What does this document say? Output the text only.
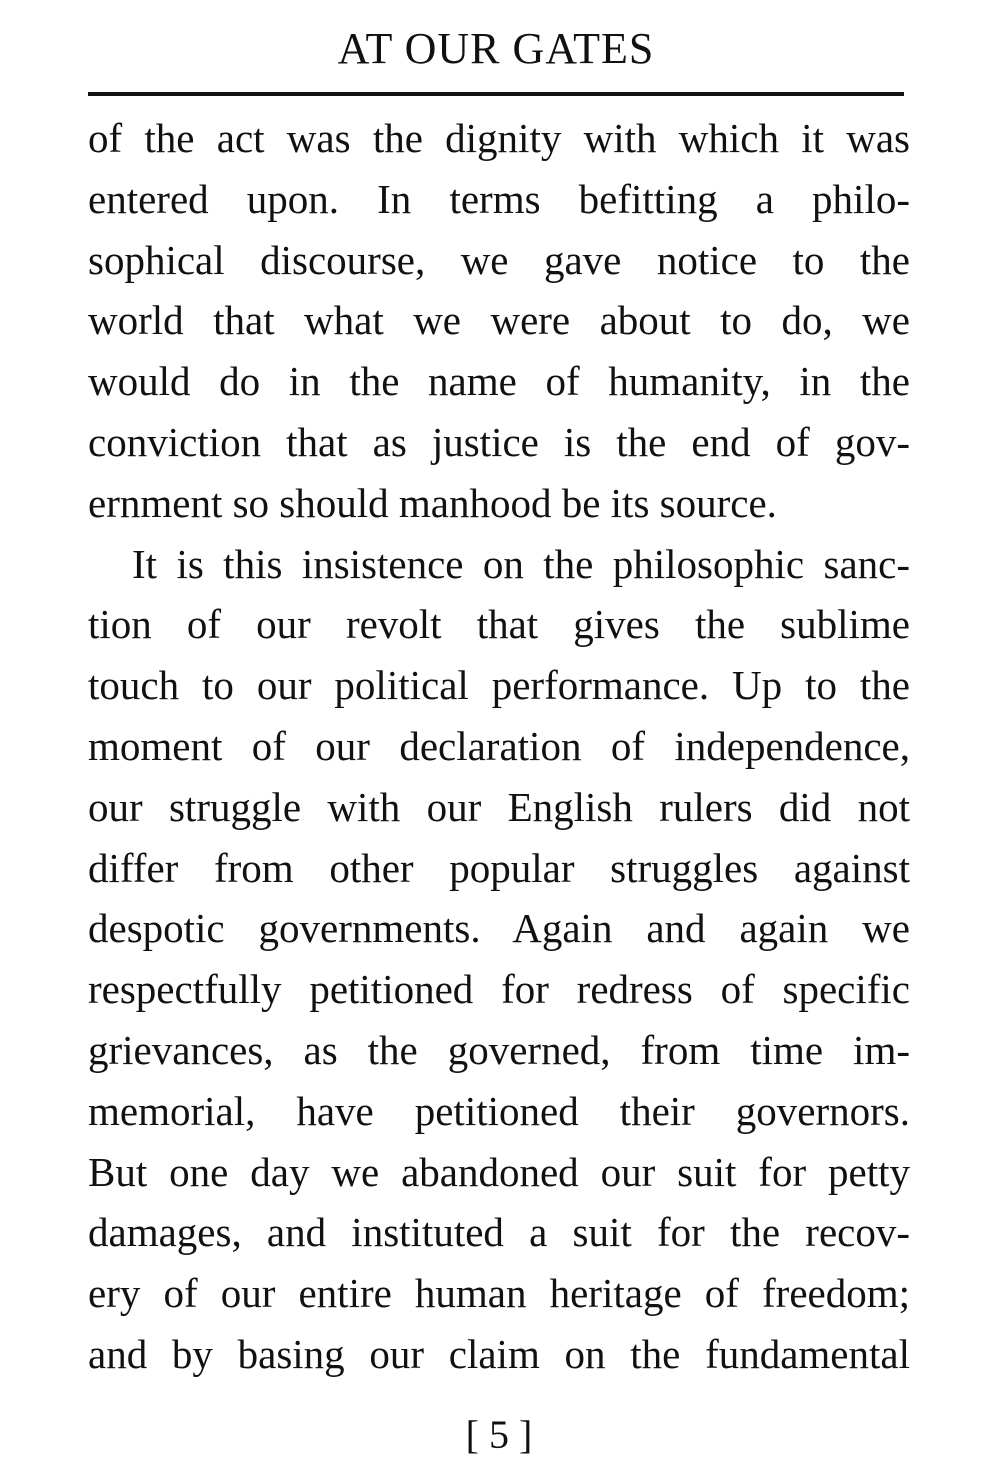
AT OUR GATES
of the act was the dignity with which it was
entered upon. In terms befitting a philo-
sophical discourse, we gave notice to the
world that what we were about to do, we
would do in the name of humanity, in the
conviction that as justice is the end of gov-
ernment so should manhood be its source.
It is this insistence on the philosophic sanc-
tion of our revolt that gives the sublime
touch to our political performance. Up to the
moment of our declaration of independence,
our struggle with our English rulers did not
differ from other popular struggles against
despotic governments. Again and again we
respectfully petitioned for redress of specific
grievances, as the governed, from time im-
memorial, have petitioned their governors.
But one day we abandoned our suit for petty
damages, and instituted a suit for the recov-
ery of our entire human heritage of freedom;
and by basing our claim on the fundamental
[ 5 ]
